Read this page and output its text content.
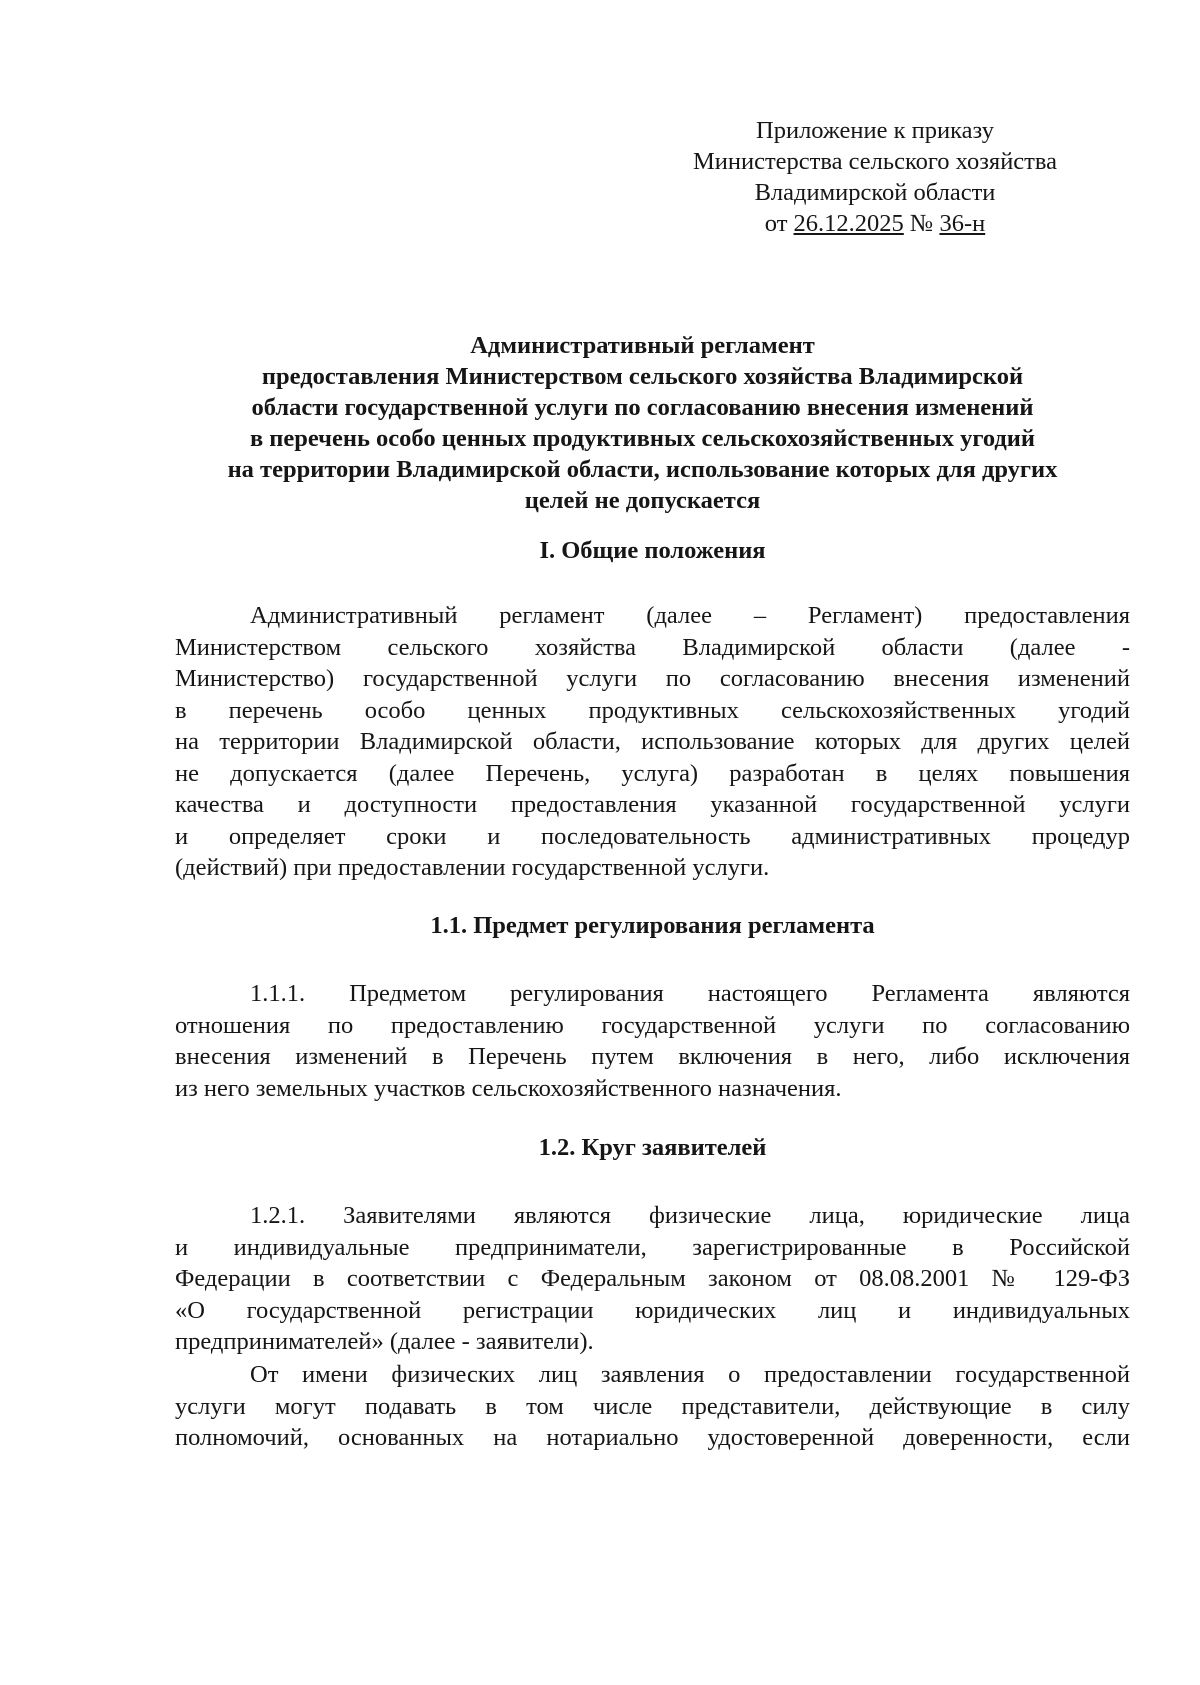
Приложение к приказу
Министерства сельского хозяйства
Владимирской области
от 26.12.2025 № 36-н
Административный регламент
предоставления Министерством сельского хозяйства Владимирской
области государственной услуги по согласованию внесения изменений
в перечень особо ценных продуктивных сельскохозяйственных угодий
на территории Владимирской области, использование которых для других
целей не допускается
I. Общие положения
Административный регламент (далее – Регламент) предоставления
Министерством сельского хозяйства Владимирской области (далее -
Министерство) государственной услуги по согласованию внесения изменений
в перечень особо ценных продуктивных сельскохозяйственных угодий
на территории Владимирской области, использование которых для других целей
не допускается (далее Перечень, услуга) разработан в целях повышения
качества и доступности предоставления указанной государственной услуги
и определяет сроки и последовательность административных процедур
(действий) при предоставлении государственной услуги.
1.1. Предмет регулирования регламента
1.1.1. Предметом регулирования настоящего Регламента являются
отношения по предоставлению государственной услуги по согласованию
внесения изменений в Перечень путем включения в него, либо исключения
из него земельных участков сельскохозяйственного назначения.
1.2. Круг заявителей
1.2.1. Заявителями являются физические лица, юридические лица
и индивидуальные предприниматели, зарегистрированные в Российской
Федерации в соответствии с Федеральным законом от 08.08.2001 № 129-ФЗ
«О государственной регистрации юридических лиц и индивидуальных
предпринимателей» (далее - заявители).
От имени физических лиц заявления о предоставлении государственной
услуги могут подавать в том числе представители, действующие в силу
полномочий, основанных на нотариально удостоверенной доверенности, если
